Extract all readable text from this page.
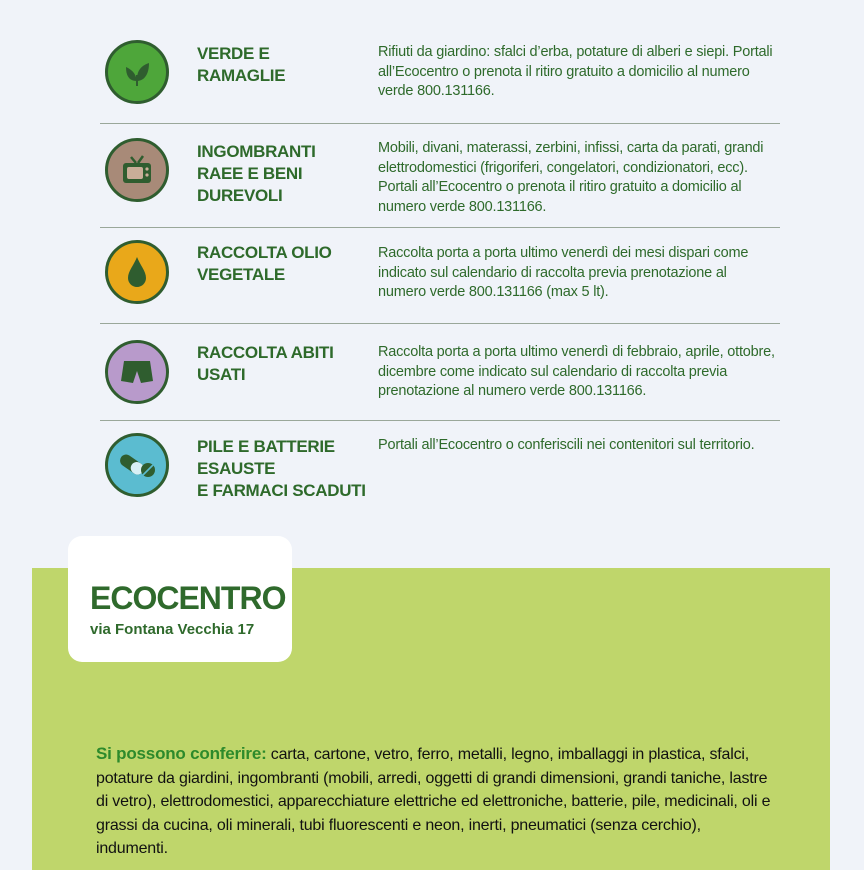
VERDE E
RAMAGLIE
Rifiuti da giardino: sfalci d’erba, potature di alberi e siepi. Portali all’Ecocentro o prenota il ritiro gratuito a domicilio al numero verde 800.131166.
INGOMBRANTI
RAEE E BENI
DUREVOLI
Mobili, divani, materassi, zerbini, infissi, carta da parati, grandi elettrodomestici (frigoriferi, congelatori, condizionatori, ecc). Portali all’Ecocentro o prenota il ritiro gratuito a domicilio al numero verde 800.131166.
RACCOLTA OLIO
VEGETALE
Raccolta porta a porta ultimo venerdì dei mesi dispari come indicato sul calendario di raccolta previa prenotazione al numero verde 800.131166 (max 5 lt).
RACCOLTA ABITI
USATI
Raccolta porta a porta ultimo venerdì di febbraio, aprile, ottobre, dicembre come indicato sul calendario di raccolta previa prenotazione al numero verde 800.131166.
PILE E BATTERIE
ESAUSTE
E FARMACI SCADUTI
Portali all’Ecocentro o conferiscili nei contenitori sul territorio.
ECOCENTRO
via Fontana Vecchia 17
Si possono conferire: carta, cartone, vetro, ferro, metalli, legno, imballaggi in plastica, sfalci, potature da giardini, ingombranti (mobili, arredi, oggetti di grandi dimensioni, grandi taniche, lastre di vetro), elettrodomestici, apparecchiature elettriche ed elettroniche, batterie, pile, medicinali, oli e grassi da cucina, oli minerali, tubi fluorescenti e neon, inerti, pneumatici (senza cerchio), indumenti.
